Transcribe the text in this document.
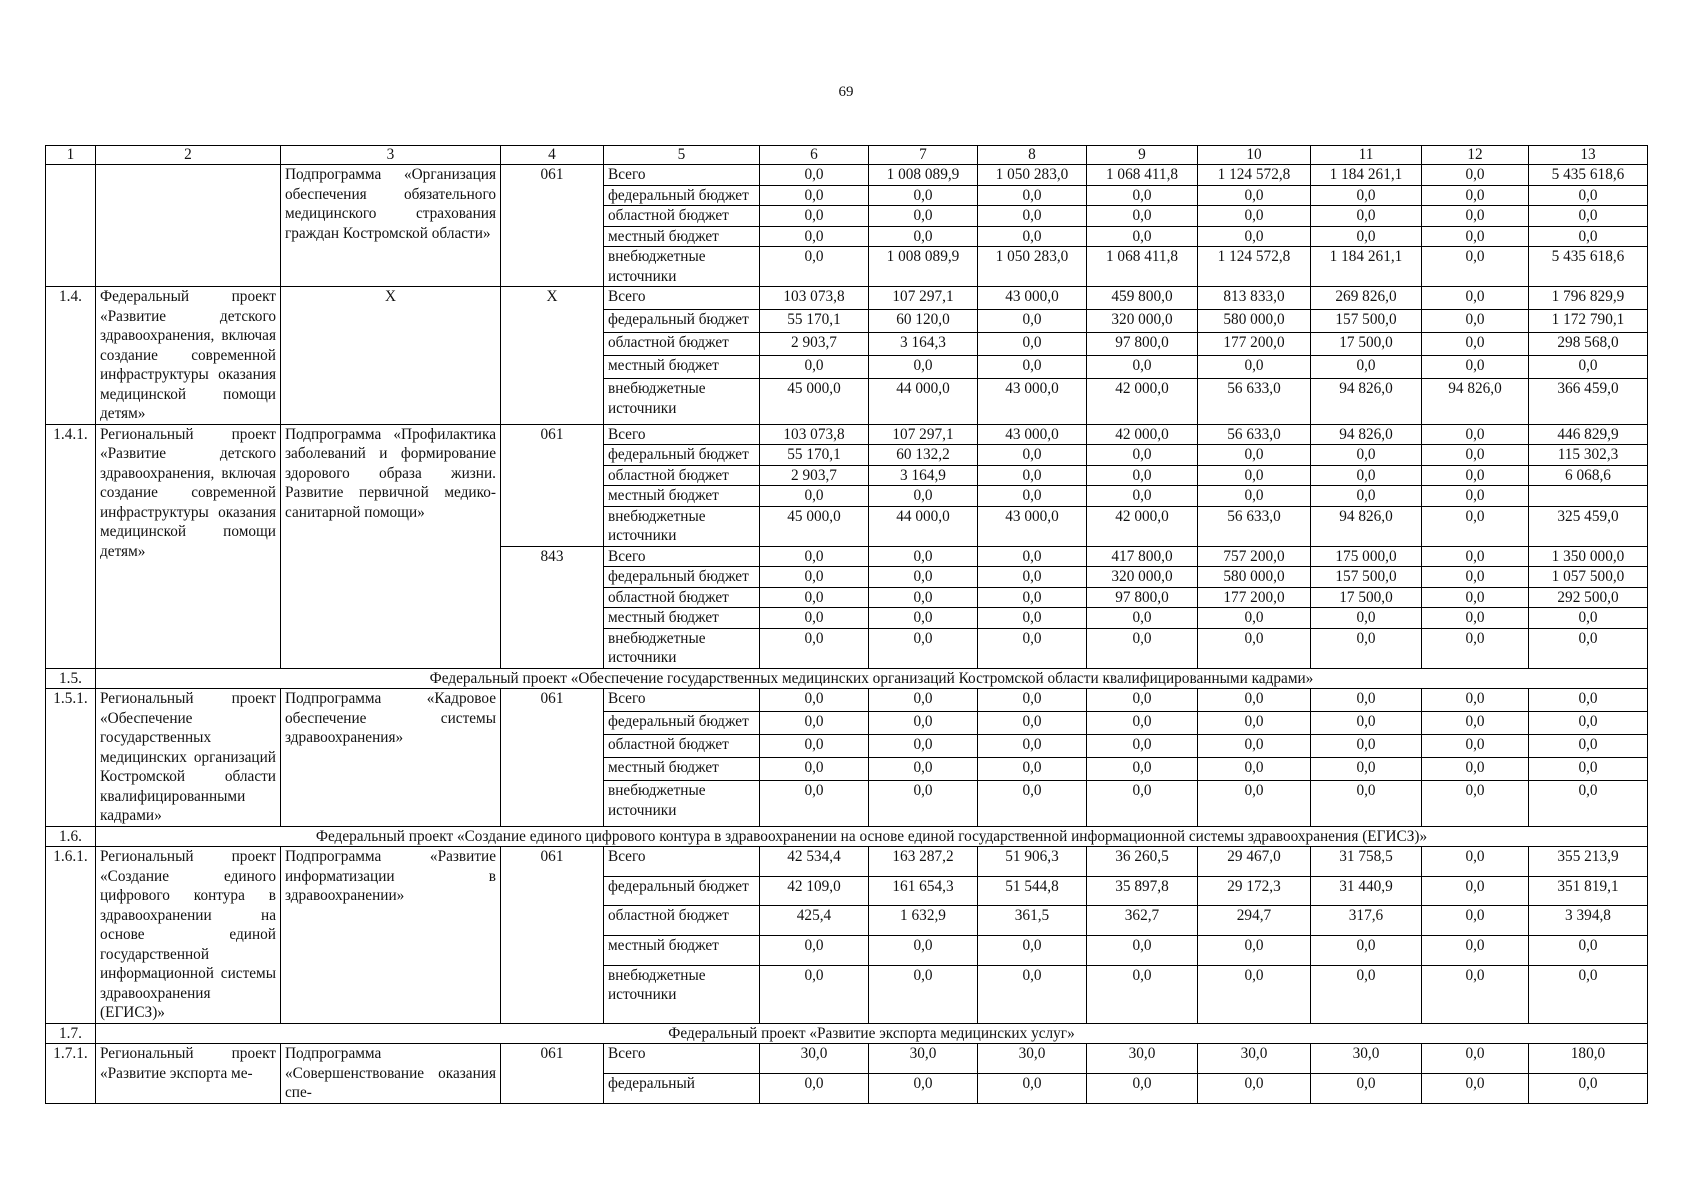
69
1	2	3	4	5	6	7	8	9	10	11	12	13
		Подпрограмма «Организация обеспечения обязательного медицинского страхования граждан Костромской области»	061	Всего	0,0	1 008 089,9	1 050 283,0	1 068 411,8	1 124 572,8	1 184 261,1	0,0	5 435 618,6
				федеральный бюджет	0,0	0,0	0,0	0,0	0,0	0,0	0,0	0,0
				областной бюджет	0,0	0,0	0,0	0,0	0,0	0,0	0,0	0,0
				местный бюджет	0,0	0,0	0,0	0,0	0,0	0,0	0,0	0,0
				внебюджетные источники	0,0	1 008 089,9	1 050 283,0	1 068 411,8	1 124 572,8	1 184 261,1	0,0	5 435 618,6
1.4.	Федеральный проект «Развитие детского здравоохранения, включая создание современной инфраструктуры оказания медицинской помощи детям»	X	X	Всего	103 073,8	107 297,1	43 000,0	459 800,0	813 833,0	269 826,0	0,0	1 796 829,9
				федеральный бюджет	55 170,1	60 120,0	0,0	320 000,0	580 000,0	157 500,0	0,0	1 172 790,1
				областной бюджет	2 903,7	3 164,3	0,0	97 800,0	177 200,0	17 500,0	0,0	298 568,0
				местный бюджет	0,0	0,0	0,0	0,0	0,0	0,0	0,0	0,0
				внебюджетные источники	45 000,0	44 000,0	43 000,0	42 000,0	56 633,0	94 826,0	94 826,0	366 459,0
1.4.1.	Региональный проект «Развитие детского здравоохранения, включая создание современной инфраструктуры оказания медицинской помощи детям»	Подпрограмма «Профилактика заболеваний и формирование здорового образа жизни. Развитие первичной медико-санитарной помощи»	061	Всего	103 073,8	107 297,1	43 000,0	42 000,0	56 633,0	94 826,0	0,0	446 829,9
				федеральный бюджет	55 170,1	60 132,2	0,0	0,0	0,0	0,0	0,0	115 302,3
				областной бюджет	2 903,7	3 164,9	0,0	0,0	0,0	0,0	0,0	6 068,6
				местный бюджет	0,0	0,0	0,0	0,0	0,0	0,0	0,0	
				внебюджетные источники	45 000,0	44 000,0	43 000,0	42 000,0	56 633,0	94 826,0	0,0	325 459,0
			843	Всего	0,0	0,0	0,0	417 800,0	757 200,0	175 000,0	0,0	1 350 000,0
				федеральный бюджет	0,0	0,0	0,0	320 000,0	580 000,0	157 500,0	0,0	1 057 500,0
				областной бюджет	0,0	0,0	0,0	97 800,0	177 200,0	17 500,0	0,0	292 500,0
				местный бюджет	0,0	0,0	0,0	0,0	0,0	0,0	0,0	0,0
				внебюджетные источники	0,0	0,0	0,0	0,0	0,0	0,0	0,0	0,0
1.5.	Федеральный проект «Обеспечение государственных медицинских организаций Костромской области квалифицированными кадрами»											
1.5.1.	Региональный проект «Обеспечение государственных медицинских организаций Костромской области квалифицированными кадрами»	Подпрограмма «Кадровое обеспечение системы здравоохранения»	061	Всего	0,0	0,0	0,0	0,0	0,0	0,0	0,0	0,0
				федеральный бюджет	0,0	0,0	0,0	0,0	0,0	0,0	0,0	0,0
				областной бюджет	0,0	0,0	0,0	0,0	0,0	0,0	0,0	0,0
				местный бюджет	0,0	0,0	0,0	0,0	0,0	0,0	0,0	0,0
				внебюджетные источники	0,0	0,0	0,0	0,0	0,0	0,0	0,0	0,0
1.6.	Федеральный проект «Создание единого цифрового контура в здравоохранении на основе единой государственной информационной системы здравоохранения (ЕГИСЗ)»											
1.6.1.	Региональный проект «Создание единого цифрового контура в здравоохранении на основе единой государственной информационной системы здравоохранения (ЕГИСЗ)»	Подпрограмма «Развитие информатизации в здравоохранении»	061	Всего	42 534,4	163 287,2	51 906,3	36 260,5	29 467,0	31 758,5	0,0	355 213,9
				федеральный бюджет	42 109,0	161 654,3	51 544,8	35 897,8	29 172,3	31 440,9	0,0	351 819,1
				областной бюджет	425,4	1 632,9	361,5	362,7	294,7	317,6	0,0	3 394,8
				местный бюджет	0,0	0,0	0,0	0,0	0,0	0,0	0,0	0,0
				внебюджетные источники	0,0	0,0	0,0	0,0	0,0	0,0	0,0	0,0
1.7.	Федеральный проект «Развитие экспорта медицинских услуг»											
1.7.1.	Региональный проект «Развитие экспорта ме-	Подпрограмма «Совершенствование оказания спе-	061	Всего	30,0	30,0	30,0	30,0	30,0	30,0	0,0	180,0
				федеральный	0,0	0,0	0,0	0,0	0,0	0,0	0,0	0,0
